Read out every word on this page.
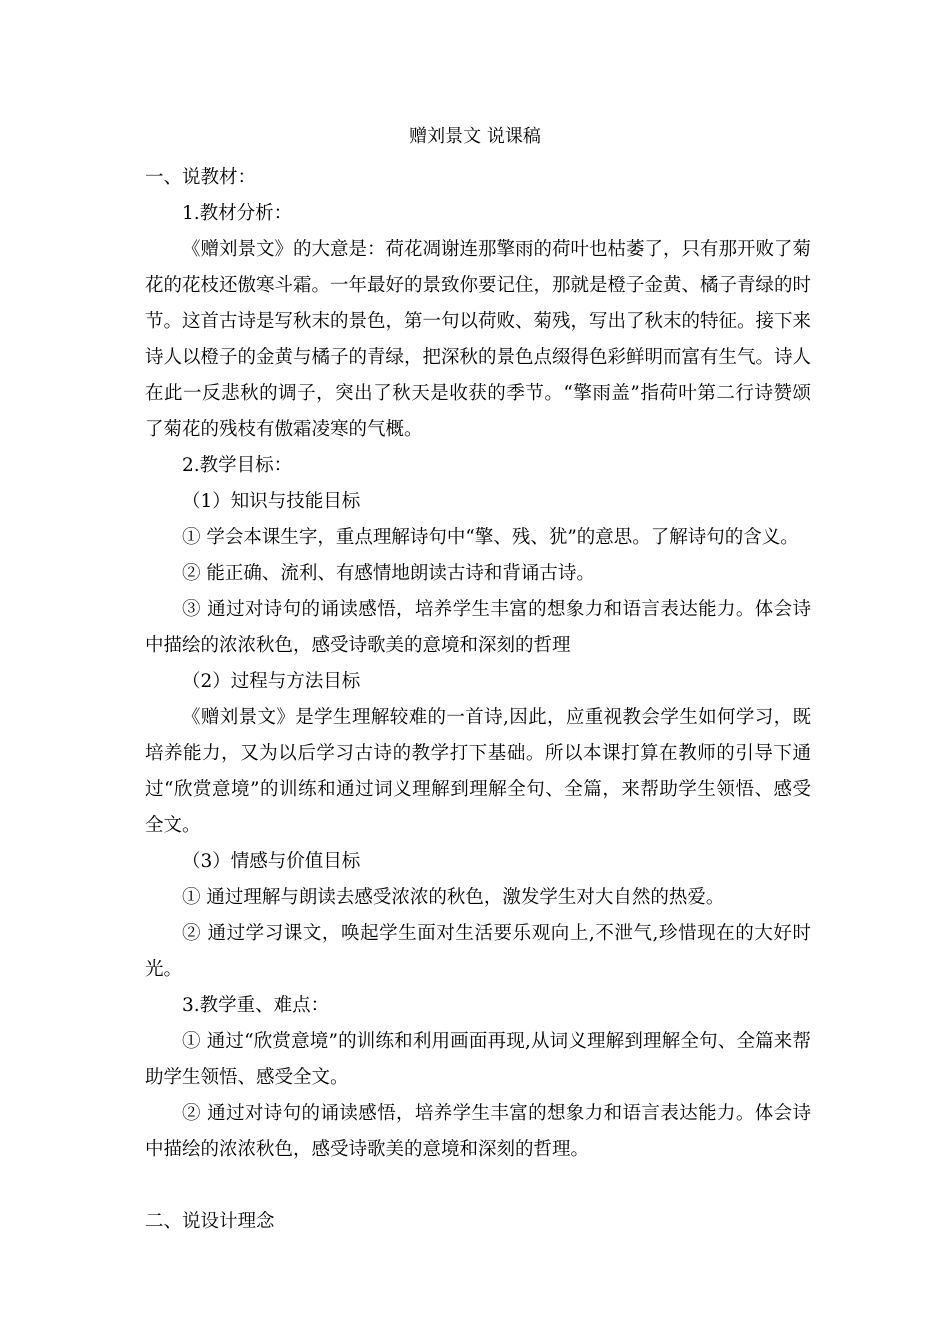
赠刘景文 说课稿

一、说教材：

1.教材分析：

《赠刘景文》的大意是：荷花凋谢连那擎雨的荷叶也枯萎了，只有那开败了菊花的花枝还傲寒斗霜。一年最好的景致你要记住，那就是橙子金黄、橘子青绿的时节。这首古诗是写秋末的景色，第一句以荷败、菊残，写出了秋末的特征。接下来诗人以橙子的金黄与橘子的青绿，把深秋的景色点缀得色彩鲜明而富有生气。诗人在此一反悲秋的调子，突出了秋天是收获的季节。“擎雨盖”指荷叶第二行诗赞颂了菊花的残枝有傲霜凌寒的气概。

2.教学目标：

（1）知识与技能目标

① 学会本课生字，重点理解诗句中“擎、残、犹”的意思。了解诗句的含义。

② 能正确、流利、有感情地朗读古诗和背诵古诗。

③ 通过对诗句的诵读感悟，培养学生丰富的想象力和语言表达能力。体会诗中描绘的浓浓秋色，感受诗歌美的意境和深刻的哲理

（2）过程与方法目标

《赠刘景文》是学生理解较难的一首诗,因此，应重视教会学生如何学习，既培养能力，又为以后学习古诗的教学打下基础。所以本课打算在教师的引导下通过“欣赏意境”的训练和通过词义理解到理解全句、全篇，来帮助学生领悟、感受全文。

（3）情感与价值目标

① 通过理解与朗读去感受浓浓的秋色，激发学生对大自然的热爱。

② 通过学习课文，唤起学生面对生活要乐观向上,不泄气,珍惜现在的大好时光。

3.教学重、难点：

① 通过“欣赏意境”的训练和利用画面再现,从词义理解到理解全句、全篇来帮助学生领悟、感受全文。

② 通过对诗句的诵读感悟，培养学生丰富的想象力和语言表达能力。体会诗中描绘的浓浓秋色，感受诗歌美的意境和深刻的哲理。

二、说设计理念
